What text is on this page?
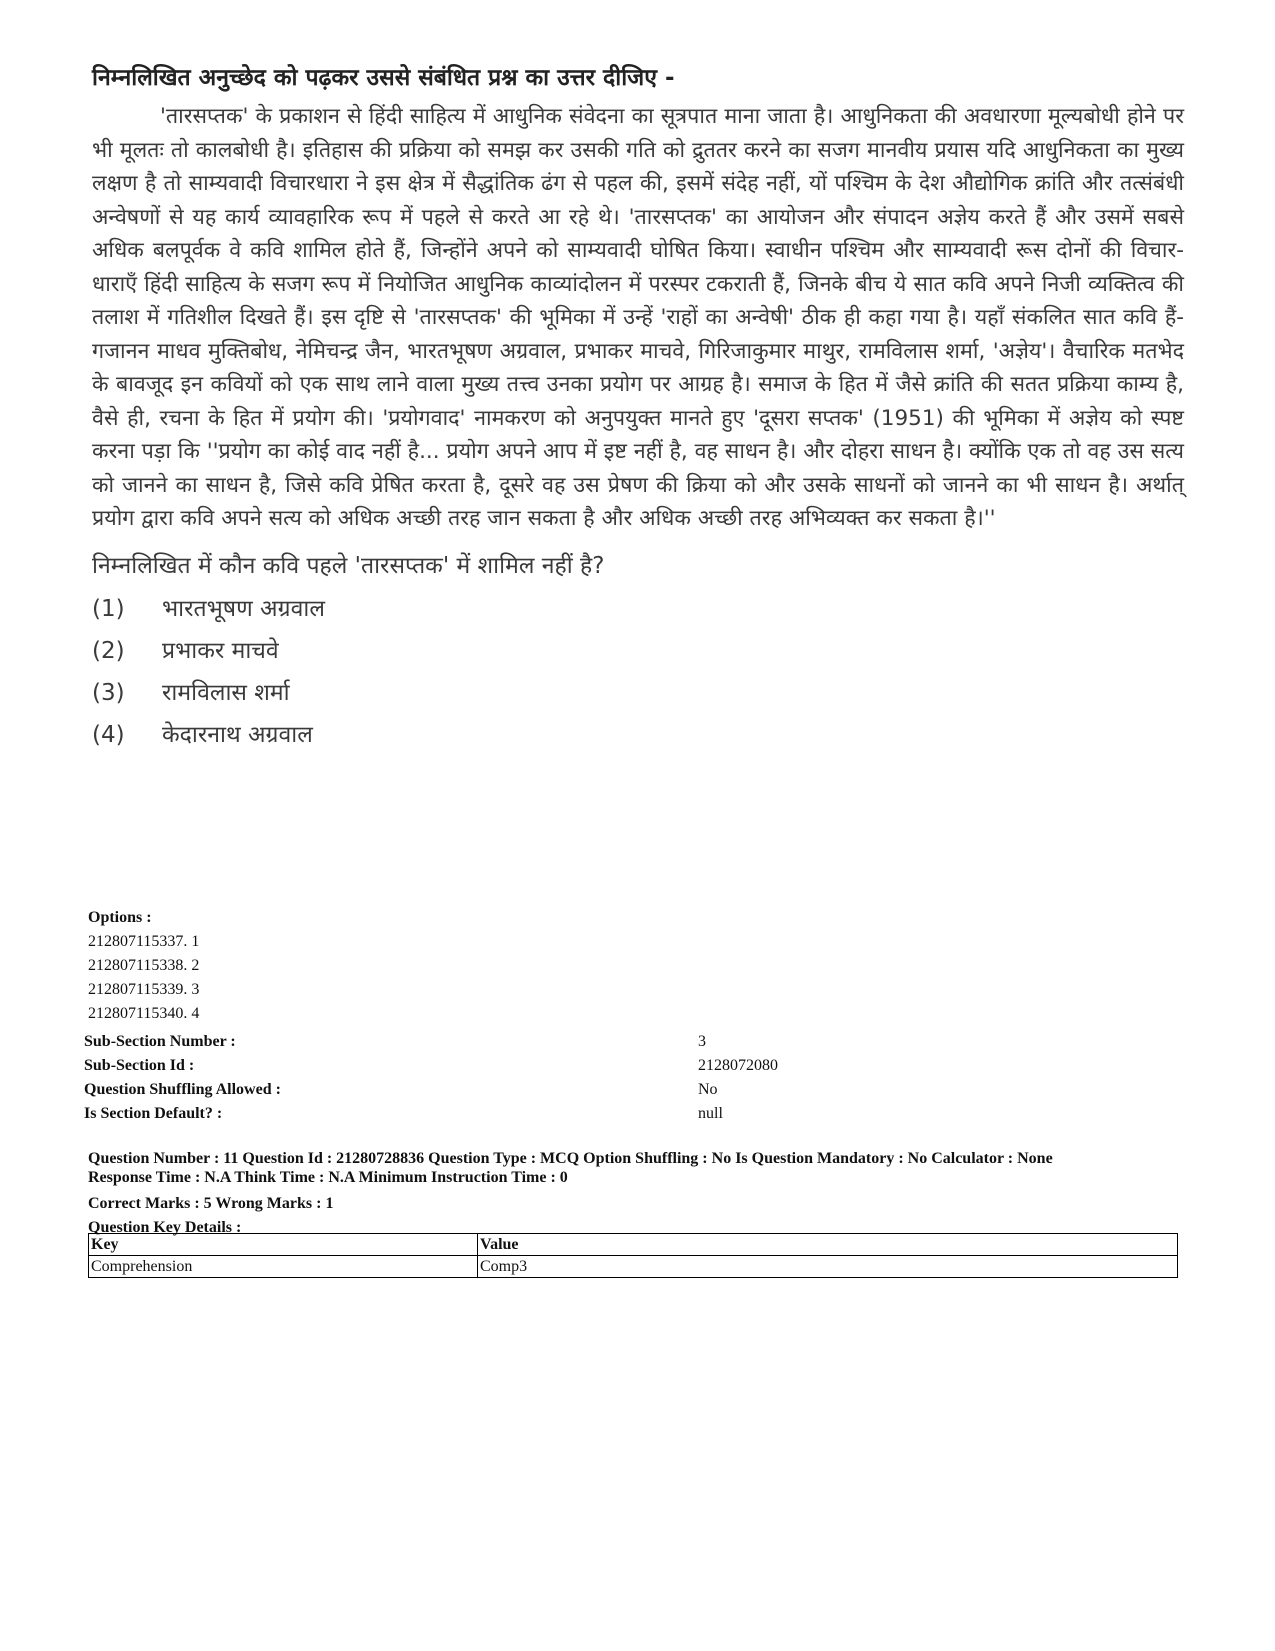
निम्नलिखित अनुच्छेद को पढ़कर उससे संबंधित प्रश्न का उत्तर दीजिए -

'तारसप्तक' के प्रकाशन से हिंदी साहित्य में आधुनिक संवेदना का सूत्रपात माना जाता है। आधुनिकता की अवधारणा मूल्यबोधी होने पर भी मूलतः तो कालबोधी है। इतिहास की प्रक्रिया को समझ कर उसकी गति को द्रुततर करने का सजग मानवीय प्रयास यदि आधुनिकता का मुख्य लक्षण है तो साम्यवादी विचारधारा ने इस क्षेत्र में सैद्धांतिक ढंग से पहल की, इसमें संदेह नहीं, यों पश्चिम के देश औद्योगिक क्रांति और तत्संबंधी अन्वेषणों से यह कार्य व्यावहारिक रूप में पहले से करते आ रहे थे। 'तारसप्तक' का आयोजन और संपादन अज्ञेय करते हैं और उसमें सबसे अधिक बलपूर्वक वे कवि शामिल होते हैं, जिन्होंने अपने को साम्यवादी घोषित किया। स्वाधीन पश्चिम और साम्यवादी रूस दोनों की विचार-धाराएँ हिंदी साहित्य के सजग रूप में नियोजित आधुनिक काव्यांदोलन में परस्पर टकराती हैं, जिनके बीच ये सात कवि अपने निजी व्यक्तित्व की तलाश में गतिशील दिखते हैं। इस दृष्टि से 'तारसप्तक' की भूमिका में उन्हें 'राहों का अन्वेषी' ठीक ही कहा गया है। यहाँ संकलित सात कवि हैं- गजानन माधव मुक्तिबोध, नेमिचन्द्र जैन, भारतभूषण अग्रवाल, प्रभाकर माचवे, गिरिजाकुमार माथुर, रामविलास शर्मा, 'अज्ञेय'। वैचारिक मतभेद के बावजूद इन कवियों को एक साथ लाने वाला मुख्य तत्त्व उनका प्रयोग पर आग्रह है। समाज के हित में जैसे क्रांति की सतत प्रक्रिया काम्य है, वैसे ही, रचना के हित में प्रयोग की। 'प्रयोगवाद' नामकरण को अनुपयुक्त मानते हुए 'दूसरा सप्तक' (1951) की भूमिका में अज्ञेय को स्पष्ट करना पड़ा कि ''प्रयोग का कोई वाद नहीं है... प्रयोग अपने आप में इष्ट नहीं है, वह साधन है। और दोहरा साधन है। क्योंकि एक तो वह उस सत्य को जानने का साधन है, जिसे कवि प्रेषित करता है, दूसरे वह उस प्रेषण की क्रिया को और उसके साधनों को जानने का भी साधन है। अर्थात् प्रयोग द्वारा कवि अपने सत्य को अधिक अच्छी तरह जान सकता है और अधिक अच्छी तरह अभिव्यक्त कर सकता है।''

निम्नलिखित में कौन कवि पहले 'तारसप्तक' में शामिल नहीं है?

(1)	भारतभूषण अग्रवाल
(2)	प्रभाकर माचवे
(3)	रामविलास शर्मा
(4)	केदारनाथ अग्रवाल
Options :
212807115337. 1
212807115338. 2
212807115339. 3
212807115340. 4
Sub-Section Number :	3
Sub-Section Id :	2128072080
Question Shuffling Allowed :	No
Is Section Default? :	null

Question Number : 11 Question Id : 21280728836 Question Type : MCQ Option Shuffling : No Is Question Mandatory : No Calculator : None

Response Time : N.A Think Time : N.A Minimum Instruction Time : 0

Correct Marks : 5 Wrong Marks : 1

Question Key Details :

Key	Value
Comprehension	Comp3
